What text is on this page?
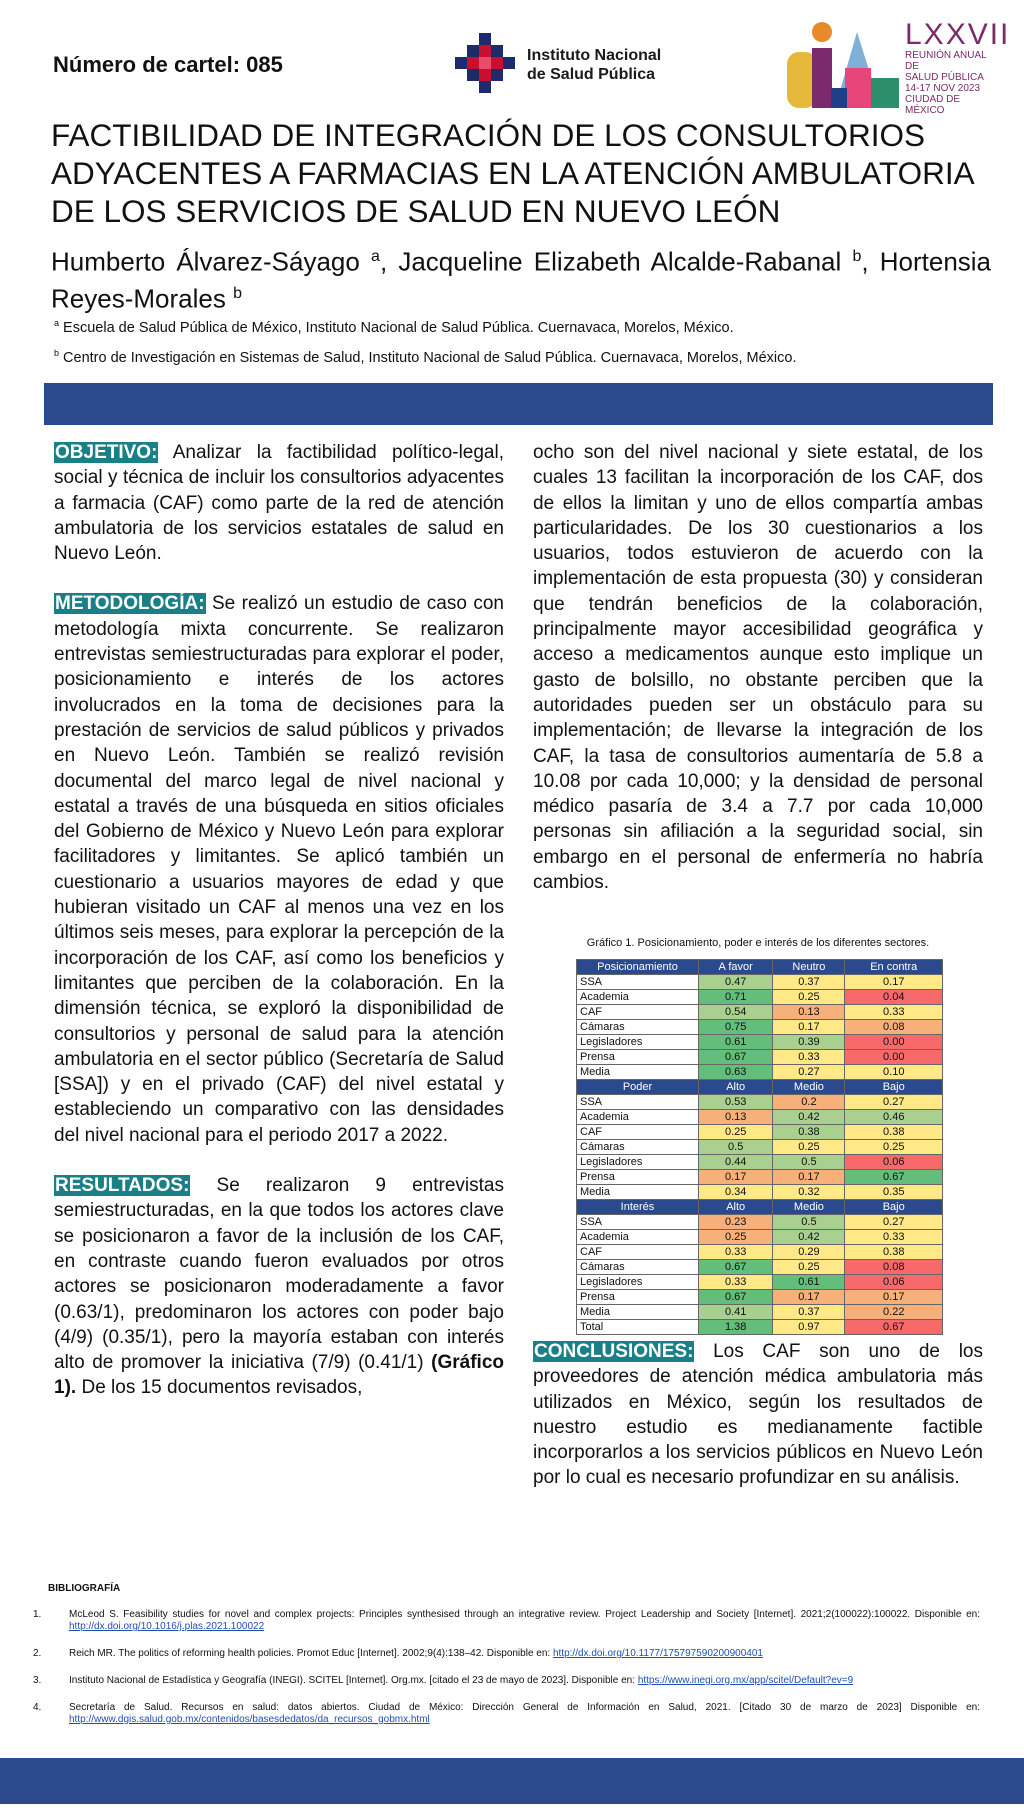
Número de cartel: 085	Instituto Nacional
de Salud Pública
LXXVII
REUNIÓN ANUAL DE
SALUD PÚBLICA
14-17 NOV 2023
CIUDAD DE MÉXICO
FACTIBILIDAD DE INTEGRACIÓN DE LOS CONSULTORIOS ADYACENTES A FARMACIAS EN LA ATENCIÓN AMBULATORIA DE LOS SERVICIOS DE SALUD EN NUEVO LEÓN
Humberto Álvarez-Sáyago $^a$, Jacqueline Elizabeth Alcalde-Rabanal $^b$, Hortensia Reyes-Morales $^b$
$^a$ Escuela de Salud Pública de México, Instituto Nacional de Salud Pública. Cuernavaca, Morelos, México.
$^b$ Centro de Investigación en Sistemas de Salud, Instituto Nacional de Salud Pública. Cuernavaca, Morelos, México.

OBJETIVO: Analizar la factibilidad político-legal, social y técnica de incluir los consultorios adyacentes a farmacia (CAF) como parte de la red de atención ambulatoria de los servicios estatales de salud en Nuevo León.

METODOLOGÍA: Se realizó un estudio de caso con metodología mixta concurrente. Se realizaron entrevistas semiestructuradas para explorar el poder, posicionamiento e interés de los actores involucrados en la toma de decisiones para la prestación de servicios de salud públicos y privados en Nuevo León. También se realizó revisión documental del marco legal de nivel nacional y estatal a través de una búsqueda en sitios oficiales del Gobierno de México y Nuevo León para explorar facilitadores y limitantes. Se aplicó también un cuestionario a usuarios mayores de edad y que hubieran visitado un CAF al menos una vez en los últimos seis meses, para explorar la percepción de la incorporación de los CAF, así como los beneficios y limitantes que perciben de la colaboración. En la dimensión técnica, se exploró la disponibilidad de consultorios y personal de salud para la atención ambulatoria en el sector público (Secretaría de Salud [SSA]) y en el privado (CAF) del nivel estatal y estableciendo un comparativo con las densidades del nivel nacional para el periodo 2017 a 2022.

RESULTADOS: Se realizaron 9 entrevistas semiestructuradas, en la que todos los actores clave se posicionaron a favor de la inclusión de los CAF, en contraste cuando fueron evaluados por otros actores se posicionaron moderadamente a favor (0.63/1), predominaron los actores con poder bajo (4/9) (0.35/1), pero la mayoría estaban con interés alto de promover la iniciativa (7/9) (0.41/1) (Gráfico 1). De los 15 documentos revisados,

ocho son del nivel nacional y siete estatal, de los cuales 13 facilitan la incorporación de los CAF, dos de ellos la limitan y uno de ellos compartía ambas particularidades. De los 30 cuestionarios a los usuarios, todos estuvieron de acuerdo con la implementación de esta propuesta (30) y consideran que tendrán beneficios de la colaboración, principalmente mayor accesibilidad geográfica y acceso a medicamentos aunque esto implique un gasto de bolsillo, no obstante perciben que la autoridades pueden ser un obstáculo para su implementación; de llevarse la integración de los CAF, la tasa de consultorios aumentaría de 5.8 a 10.08 por cada 10,000; y la densidad de personal médico pasaría de 3.4 a 7.7 por cada 10,000 personas sin afiliación a la seguridad social, sin embargo en el personal de enfermería no habría cambios.

Gráfico 1. Posicionamiento, poder e interés de los diferentes sectores.
Posicionamiento	A favor	Neutro	En contra
SSA	0.47	0.37	0.17
Academia	0.71	0.25	0.04
CAF	0.54	0.13	0.33
Cámaras	0.75	0.17	0.08
Legisladores	0.61	0.39	0.00
Prensa	0.67	0.33	0.00
Media	0.63	0.27	0.10
Poder	Alto	Medio	Bajo
SSA	0.53	0.2	0.27
Academia	0.13	0.42	0.46
CAF	0.25	0.38	0.38
Cámaras	0.5	0.25	0.25
Legisladores	0.44	0.5	0.06
Prensa	0.17	0.17	0.67
Media	0.34	0.32	0.35
Interés	Alto	Medio	Bajo
SSA	0.23	0.5	0.27
Academia	0.25	0.42	0.33
CAF	0.33	0.29	0.38
Cámaras	0.67	0.25	0.08
Legisladores	0.33	0.61	0.06
Prensa	0.67	0.17	0.17
Media	0.41	0.37	0.22
Total	1.38	0.97	0.67
CONCLUSIONES: Los CAF son uno de los proveedores de atención médica ambulatoria más utilizados en México, según los resultados de nuestro estudio es medianamente factible incorporarlos a los servicios públicos en Nuevo León por lo cual es necesario profundizar en su análisis.
BIBLIOGRAFÍA
1.	McLeod S. Feasibility studies for novel and complex projects: Principles synthesised through an integrative review. Project Leadership and Society [Internet]. 2021;2(100022):100022. Disponible en: http://dx.doi.org/10.1016/j.plas.2021.100022
2.	Reich MR. The politics of reforming health policies. Promot Educ [Internet]. 2002;9(4):138–42. Disponible en: http://dx.doi.org/10.1177/175797590200900401
3.	Instituto Nacional de Estadística y Geografía (INEGI). SCITEL [Internet]. Org.mx. [citado el 23 de mayo de 2023]. Disponible en: https://www.inegi.org.mx/app/scitel/Default?ev=9
4.	Secretaría de Salud. Recursos en salud: datos abiertos. Ciudad de México: Dirección General de Información en Salud, 2021. [Citado 30 de marzo de 2023] Disponible en: http://www.dgis.salud.gob.mx/contenidos/basesdedatos/da_recursos_gobmx.html
